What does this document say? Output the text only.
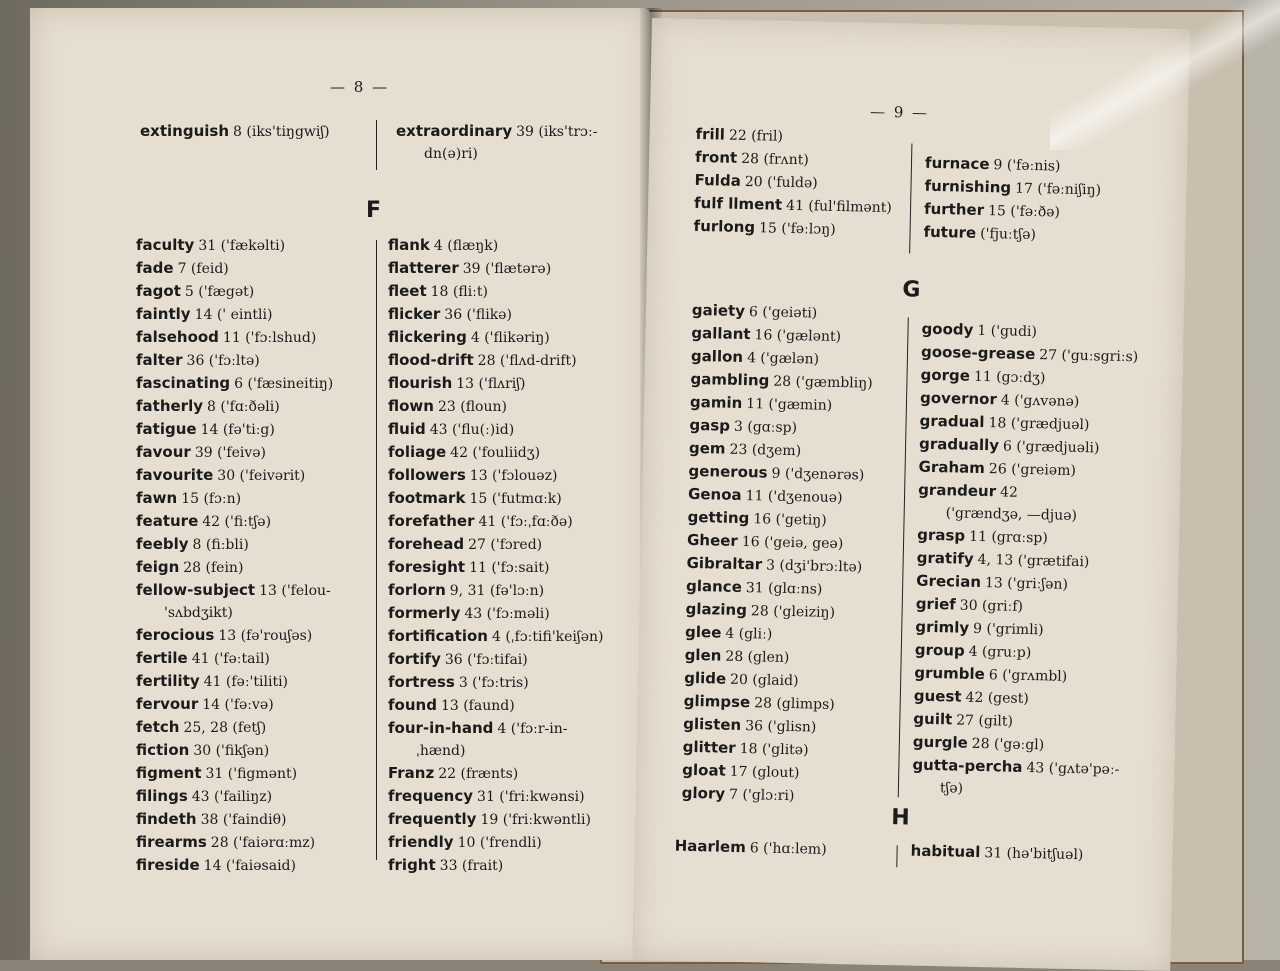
— 8 —
extinguish 8 (iks'tiŋgwiʃ)	extraordinary 39 (iks'trɔː-
dn(ə)ri)
F
faculty 31 ('fækəlti)
fade 7 (feid)
fagot 5 ('fægət)
faintly 14 (' eintli)
falsehood 11 ('fɔːlshud)
falter 36 ('fɔːltə)
fascinating 6 ('fæsineitiŋ)
fatherly 8 ('fɑːðəli)
fatigue 14 (fə'tiːg)
favour 39 ('feivə)
favourite 30 ('feivərit)
fawn 15 (fɔːn)
feature 42 ('fiːtʃə)
feebly 8 (fiːbli)
feign 28 (fein)
fellow-subject 13 ('felou-
'sʌbdʒikt)
ferocious 13 (fə'rouʃəs)
fertile 41 ('fəːtail)
fertility 41 (fəː'tiliti)
fervour 14 ('fəːvə)
fetch 25, 28 (fetʃ)
fiction 30 ('fikʃən)
figment 31 ('figmənt)
filings 43 ('failiŋz)
findeth 38 ('faindiθ)
firearms 28 ('faiərɑːmz)
fireside 14 ('faiəsaid)
flank 4 (flæŋk)
flatterer 39 ('flætərə)
fleet 18 (fliːt)
flicker 36 ('flikə)
flickering 4 ('flikəriŋ)
flood-drift 28 ('flʌd-drift)
flourish 13 ('flʌriʃ)
flown 23 (floun)
fluid 43 ('flu(ː)id)
foliage 42 ('fouliidʒ)
followers 13 ('fɔlouəz)
footmark 15 ('futmɑːk)
forefather 41 ('fɔːˌfɑːðə)
forehead 27 ('fɔred)
foresight 11 ('fɔːsait)
forlorn 9, 31 (fə'lɔːn)
formerly 43 ('fɔːməli)
fortification 4 (ˌfɔːtifi'keiʃən)
fortify 36 ('fɔːtifai)
fortress 3 ('fɔːtris)
found 13 (faund)
four-in-hand 4 ('fɔːr-in-
ˌhænd)
Franz 22 (frænts)
frequency 31 ('friːkwənsi)
frequently 19 ('friːkwəntli)
friendly 10 ('frendli)
fright 33 (frait)
— 9 —
frill 22 (fril)
front 28 (frʌnt)
Fulda 20 ('fuldə)
fulf llment 41 (ful'filmənt)
furlong 15 ('fəːlɔŋ)
furnace 9 ('fəːnis)
furnishing 17 ('fəːniʃiŋ)
further 15 ('fəːðə)
future ('fjuːtʃə)
G
gaiety 6 ('geiəti)
gallant 16 ('gælənt)
gallon 4 ('gælən)
gambling 28 ('gæmbliŋ)
gamin 11 ('gæmin)
gasp 3 (gɑːsp)
gem 23 (dʒem)
generous 9 ('dʒenərəs)
Genoa 11 ('dʒenouə)
getting 16 ('getiŋ)
Gheer 16 ('geiə, geə)
Gibraltar 3 (dʒi'brɔːltə)
glance 31 (glɑːns)
glazing 28 ('gleiziŋ)
glee 4 (gliː)
glen 28 (glen)
glide 20 (glaid)
glimpse 28 (glimps)
glisten 36 ('glisn)
glitter 18 ('glitə)
gloat 17 (glout)
glory 7 ('glɔːri)
goody 1 ('gudi)
goose-grease 27 ('guːsgriːs)
gorge 11 (gɔːdʒ)
governor 4 ('gʌvənə)
gradual 18 ('grædjuəl)
gradually 6 ('grædjuəli)
Graham 26 ('greiəm)
grandeur 42
('grændʒə, —djuə)
grasp 11 (grɑːsp)
gratify 4, 13 ('grætifai)
Grecian 13 ('griːʃən)
grief 30 (griːf)
grimly 9 ('grimli)
group 4 (gruːp)
grumble 6 ('grʌmbl)
guest 42 (gest)
guilt 27 (gilt)
gurgle 28 ('gəːgl)
gutta-percha 43 ('gʌtə'pəː-
tʃə)
H
Haarlem 6 ('hɑːlem)	habitual 31 (hə'bitʃuəl)
